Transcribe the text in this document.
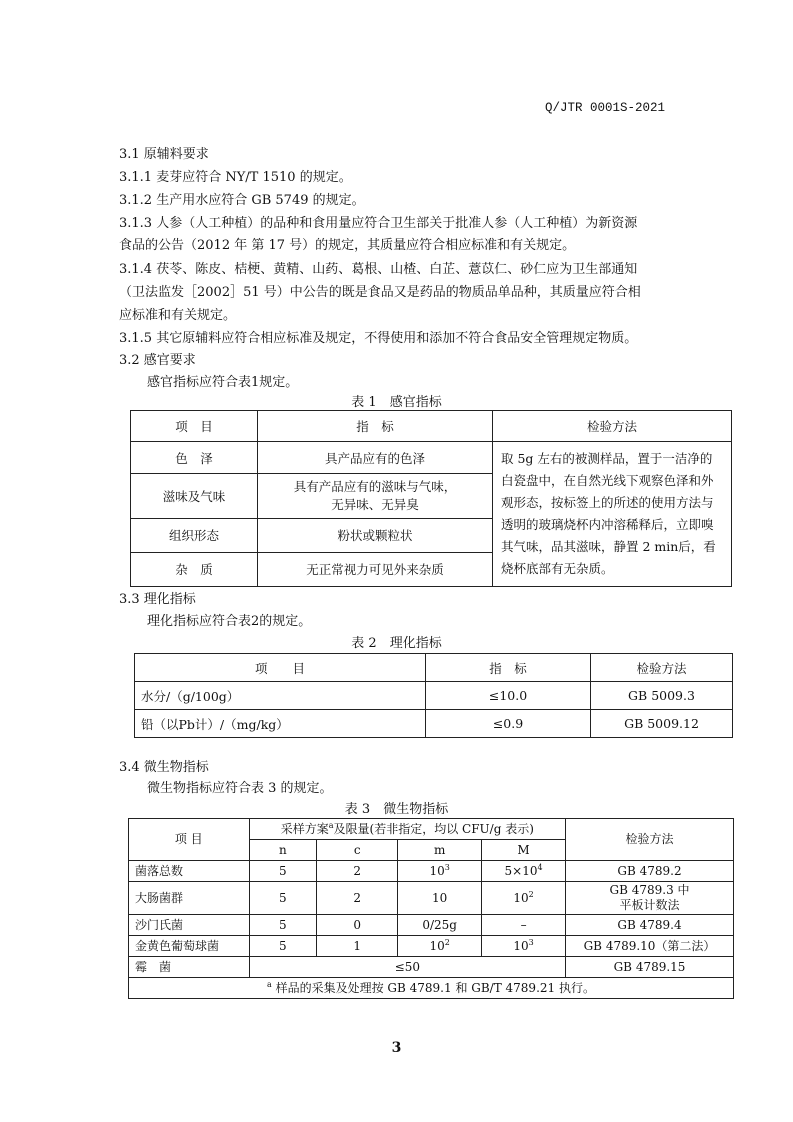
Q/JTR 0001S-2021
3.1 原辅料要求
3.1.1 麦芽应符合 NY/T 1510 的规定。
3.1.2 生产用水应符合 GB 5749 的规定。
3.1.3 人参（人工种植）的品种和食用量应符合卫生部关于批准人参（人工种植）为新资源
食品的公告（2012 年 第 17 号）的规定，其质量应符合相应标准和有关规定。
3.1.4 茯苓、陈皮、桔梗、黄精、山药、葛根、山楂、白芷、薏苡仁、砂仁应为卫生部通知
（卫法监发［2002］51 号）中公告的既是食品又是药品的物质品单品种，其质量应符合相
应标准和有关规定。
3.1.5 其它原辅料应符合相应标准及规定，不得使用和添加不符合食品安全管理规定物质。
3.2 感官要求
感官指标应符合表1规定。
表 1　感官指标
项　目	指　标	检验方法
色　泽	具产品应有的色泽	取 5g 左右的被测样品，置于一洁净的白瓷盘中，在自然光线下观察色泽和外观形态，按标签上的所述的使用方法与透明的玻璃烧杯内冲溶稀释后，立即嗅其气味，品其滋味，静置 2 min后，看烧杯底部有无杂质。
滋味及气味	具有产品应有的滋味与气味，
无异味、无异臭	

组织形态	粉状或颗粒状	
杂　质	无正常视力可见外来杂质	
3.3 理化指标
理化指标应符合表2的规定。
表 2　理化指标
项　　目	指　标	检验方法
水分/（g/100g）	≤10.0	GB 5009.3
铅（以Pb计）/（mg/kg）	≤0.9	GB 5009.12
3.4 微生物指标
微生物指标应符合表 3 的规定。
表 3　微生物指标
项 目	采样方案$^a$及限量(若非指定，均以 CFU/g 表示)				检验方法
	n	c	m	M	
菌落总数	5	2	$10^3$	$5\times 10^4$	GB 4789.2
大肠菌群	5	2	10	$10^2$	GB 4789.3 中
平板计数法

沙门氏菌	5	0	0/25g	–	GB 4789.4
金黄色葡萄球菌	5	1	$10^2$	$10^3$	GB 4789.10（第二法）
霉　菌	≤50				GB 4789.15
$^a$ 样品的采集及处理按 GB 4789.1 和 GB/T 4789.21 执行。					
3
